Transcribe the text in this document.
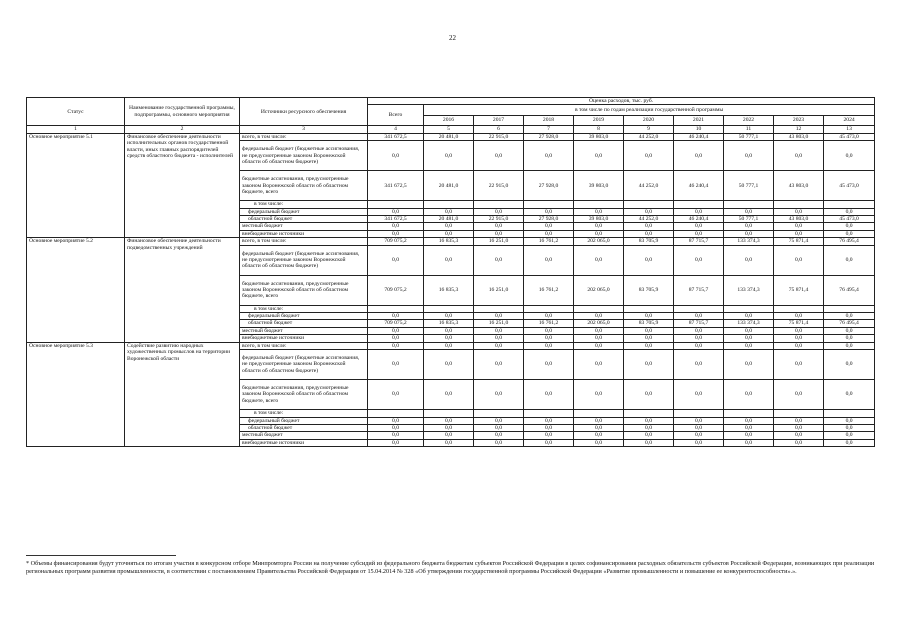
22
Статус	Наименование государственной программы, подпрограммы, основного мероприятия	Источники ресурсного обеспечения	Оценка расходов, тыс. руб.									
			Всего	в том числе по годам реализации государственной программы								
				2016	2017	2018	2019	2020	2021	2022	2023	2024
1	2	3	4	5	6	7	8	9	10	11	12	13
Основное мероприятие 5.1	Финансовое обеспечение деятельности исполнительных органов государственной власти, иных главных распорядителей средств областного бюджета - исполнителей	всего, в том числе:	341 672,5	20 481,0	22 915,0	27 928,0	39 803,0	44 252,0	46 240,4	50 777,1	43 803,0	45 473,0
		федеральный бюджет (бюджетные ассигнования, не предусмотренные законом Воронежской области об областном бюджете)	0,0	0,0	0,0	0,0	0,0	0,0	0,0	0,0	0,0	0,0
		бюджетные ассигнования, предусмотренные законом Воронежской области об областном бюджете, всего	341 672,5	20 481,0	22 915,0	27 928,0	39 803,0	44 252,0	46 240,4	50 777,1	43 803,0	45 473,0
		в том числе:										
		федеральный бюджет	0,0	0,0	0,0	0,0	0,0	0,0	0,0	0,0	0,0	0,0
		областной бюджет	341 672,5	20 481,0	22 915,0	27 928,0	39 803,0	44 252,0	46 240,4	50 777,1	43 803,0	45 473,0
		местный бюджет	0,0	0,0	0,0	0,0	0,0	0,0	0,0	0,0	0,0	0,0
		внебюджетные источники	0,0	0,0	0,0	0,0	0,0	0,0	0,0	0,0	0,0	0,0
Основное мероприятие 5.2	Финансовое обеспечение деятельности подведомственных учреждений	всего, в том числе:	709 075,2	16 835,3	16 251,0	16 761,2	202 065,0	83 705,9	87 715,7	133 374,3	75 871,4	76 495,4
		федеральный бюджет (бюджетные ассигнования, не предусмотренные законом Воронежской области об областном бюджете)	0,0	0,0	0,0	0,0	0,0	0,0	0,0	0,0	0,0	0,0
		бюджетные ассигнования, предусмотренные законом Воронежской области об областном бюджете, всего	709 075,2	16 835,3	16 251,0	16 761,2	202 065,0	83 705,9	87 715,7	133 374,3	75 871,4	76 495,4
		в том числе:										
		федеральный бюджет	0,0	0,0	0,0	0,0	0,0	0,0	0,0	0,0	0,0	0,0
		областной бюджет	709 075,2	16 835,3	16 251,0	16 761,2	202 065,0	83 705,9	87 715,7	133 374,3	75 871,4	76 495,4
		местный бюджет	0,0	0,0	0,0	0,0	0,0	0,0	0,0	0,0	0,0	0,0
		внебюджетные источники	0,0	0,0	0,0	0,0	0,0	0,0	0,0	0,0	0,0	0,0
Основное мероприятие 5.3	Содействие развитию народных художественных промыслов на территории Воронежской области	всего, в том числе:	0,0	0,0	0,0	0,0	0,0	0,0	0,0	0,0	0,0	0,0
		федеральный бюджет (бюджетные ассигнования, не предусмотренные законом Воронежской области об областном бюджете)	0,0	0,0	0,0	0,0	0,0	0,0	0,0	0,0	0,0	0,0
		бюджетные ассигнования, предусмотренные законом Воронежской области об областном бюджете, всего	0,0	0,0	0,0	0,0	0,0	0,0	0,0	0,0	0,0	0,0
		в том числе:										
		федеральный бюджет	0,0	0,0	0,0	0,0	0,0	0,0	0,0	0,0	0,0	0,0
		областной бюджет	0,0	0,0	0,0	0,0	0,0	0,0	0,0	0,0	0,0	0,0
		местный бюджет	0,0	0,0	0,0	0,0	0,0	0,0	0,0	0,0	0,0	0,0
		внебюджетные источники	0,0	0,0	0,0	0,0	0,0	0,0	0,0	0,0	0,0	0,0
* Объемы финансирования будут уточняться по итогам участия в конкурсном отборе Минпромторга России на получение субсидий из федерального бюджета бюджетам субъектов Российской Федерации в целях софинансирования расходных обязательств субъектов Российской Федерации, возникающих при реализации региональных программ развития промышленности, в соответствии с постановлением Правительства Российской Федерации от 15.04.2014 № 328 «Об утверждении государственной программы Российской Федерации «Развитие промышленности и повышение ее конкурентоспособности».».
